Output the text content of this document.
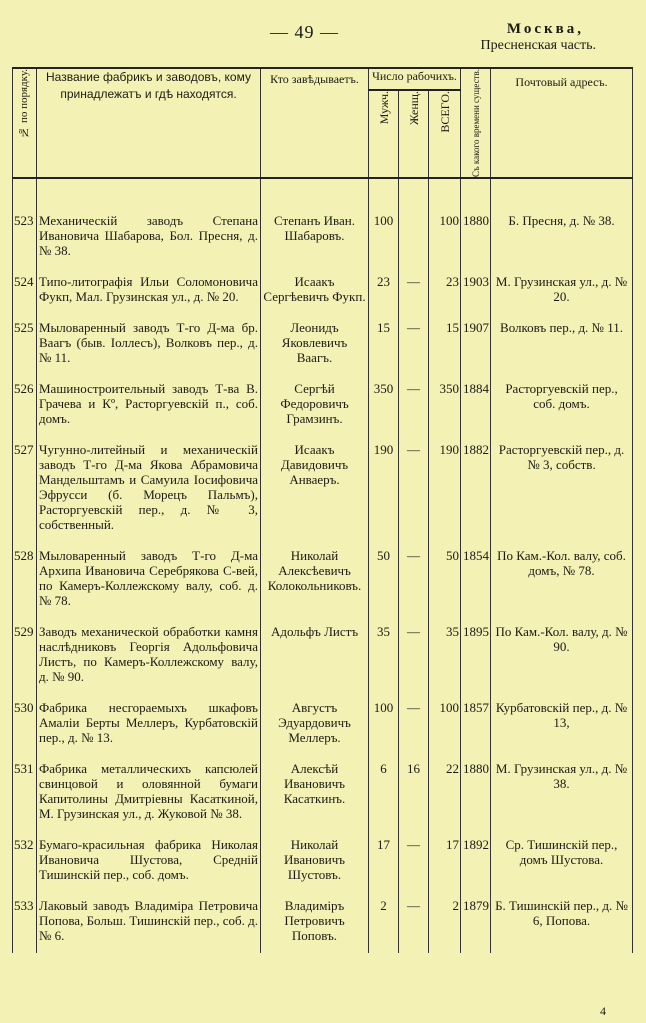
— 49 —	Москва,
Пресненская часть.
№ по порядку.	Название фабрикъ и заводовъ, кому принадлежатъ и гдѣ находятся.	Кто завѣдываетъ.	Число рабочихъ.			Съ какого времени существ.	Почтовый адресъ.

			Мужч.	Женщ.	ВСЕГО.		

523	Механическій заводъ Степана Ивановича Шабарова, Бол. Пресня, д. № 38.	Степанъ Иван. Шабаровъ.	100		100	1880	Б. Пресня, д. № 38.
524	Типо-литографія Ильи Соломоновича Фукп, Мал. Грузинская ул., д. № 20.	Исаакъ Сергѣевичъ Фукп.	23	—	23	1903	М. Грузинская ул., д. № 20.
525	Мыловаренный заводъ Т-го Д-ма бр. Ваагъ (быв. Іоллесъ), Волковъ пер., д. № 11.	Леонидъ Яковлевичъ Ваагъ.	15	—	15	1907	Волковъ пер., д. № 11.
526	Машиностроительный заводъ Т-ва В. Грачева и Кº, Расторгуевскій п., соб. домъ.	Сергѣй Федоровичъ Грамзинъ.	350	—	350	1884	Расторгуевскій пер., соб. домъ.
527	Чугунно-литейный и механическій заводъ Т-го Д-ма Якова Абрамовича Мандельштамъ и Самуила Іосифовича Эфрусси (б. Морецъ Пальмъ), Расторгуевскій пер., д. № 3, собственный.	Исаакъ Давидовичъ Анваеръ.	190	—	190	1882	Расторгуевскій пер., д. № 3, собств.
528	Мыловаренный заводъ Т-го Д-ма Архипа Ивановича Серебрякова С-вей, по Камеръ-Коллежскому валу, соб. д. № 78.	Николай Алексѣевичъ Колокольниковъ.	50	—	50	1854	По Кам.-Кол. валу, соб. домъ, № 78.
529	Заводъ механической обработки камня наслѣдниковъ Георгія Адольфовича Листъ, по Камеръ-Коллежскому валу, д. № 90.	Адольфъ Листъ	35	—	35	1895	По Кам.-Кол. валу, д. № 90.
530	Фабрика несгораемыхъ шкафовъ Амаліи Берты Меллеръ, Курбатовскій пер., д. № 13.	Августъ Эдуардовичъ Меллеръ.	100	—	100	1857	Курбатовскій пер., д. № 13,
531	Фабрика металлическихъ капсюлей свинцовой и оловянной бумаги Капитолины Дмитріевны Касаткиной, М. Грузинская ул., д. Жуковой № 38.	Алексѣй Ивановичъ Касаткинъ.	6	16	22	1880	М. Грузинская ул., д. № 38.
532	Бумаго-красильная фабрика Николая Ивановича Шустова, Средній Тишинскій пер., соб. домъ.	Николай Ивановичъ Шустовъ.	17	—	17	1892	Ср. Тишинскій пер., домъ Шустова.
533	Лаковый заводъ Владиміра Петровича Попова, Больш. Тишинскій пер., соб. д. № 6.	Владиміръ Петровичъ Поповъ.	2	—	2	1879	Б. Тишинскій пер., д. № 6, Попова.
4
